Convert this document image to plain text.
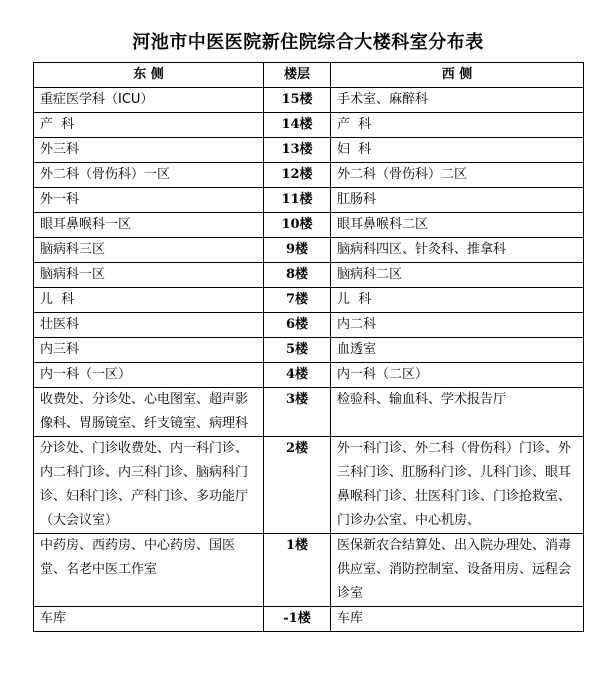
河池市中医医院新住院综合大楼科室分布表
东 侧	楼层	西 侧
重症医学科（ICU）	15楼	手术室、麻醉科
产  科	14楼	产  科
外三科	13楼	妇  科
外二科（骨伤科）一区	12楼	外二科（骨伤科）二区
外一科	11楼	肛肠科
眼耳鼻喉科一区	10楼	眼耳鼻喉科二区
脑病科三区	9楼	脑病科四区、针灸科、推拿科
脑病科一区	8楼	脑病科二区
儿  科	7楼	儿  科
壮医科	6楼	内二科
内三科	5楼	血透室
内一科（一区）	4楼	内一科（二区）
收费处、分诊处、心电图室、超声影像科、胃肠镜室、纤支镜室、病理科	3楼	检验科、输血科、学术报告厅
分诊处、门诊收费处、内一科门诊、内二科门诊、内三科门诊、脑病科门诊、妇科门诊、产科门诊、多功能厅（大会议室）	2楼	外一科门诊、外二科（骨伤科）门诊、外三科门诊、肛肠科门诊、儿科门诊、眼耳鼻喉科门诊、壮医科门诊、门诊抢救室、门诊办公室、中心机房、
中药房、西药房、中心药房、国医堂、名老中医工作室	1楼	医保新农合结算处、出入院办理处、消毒供应室、消防控制室、设备用房、远程会诊室
车库	-1楼	车库
